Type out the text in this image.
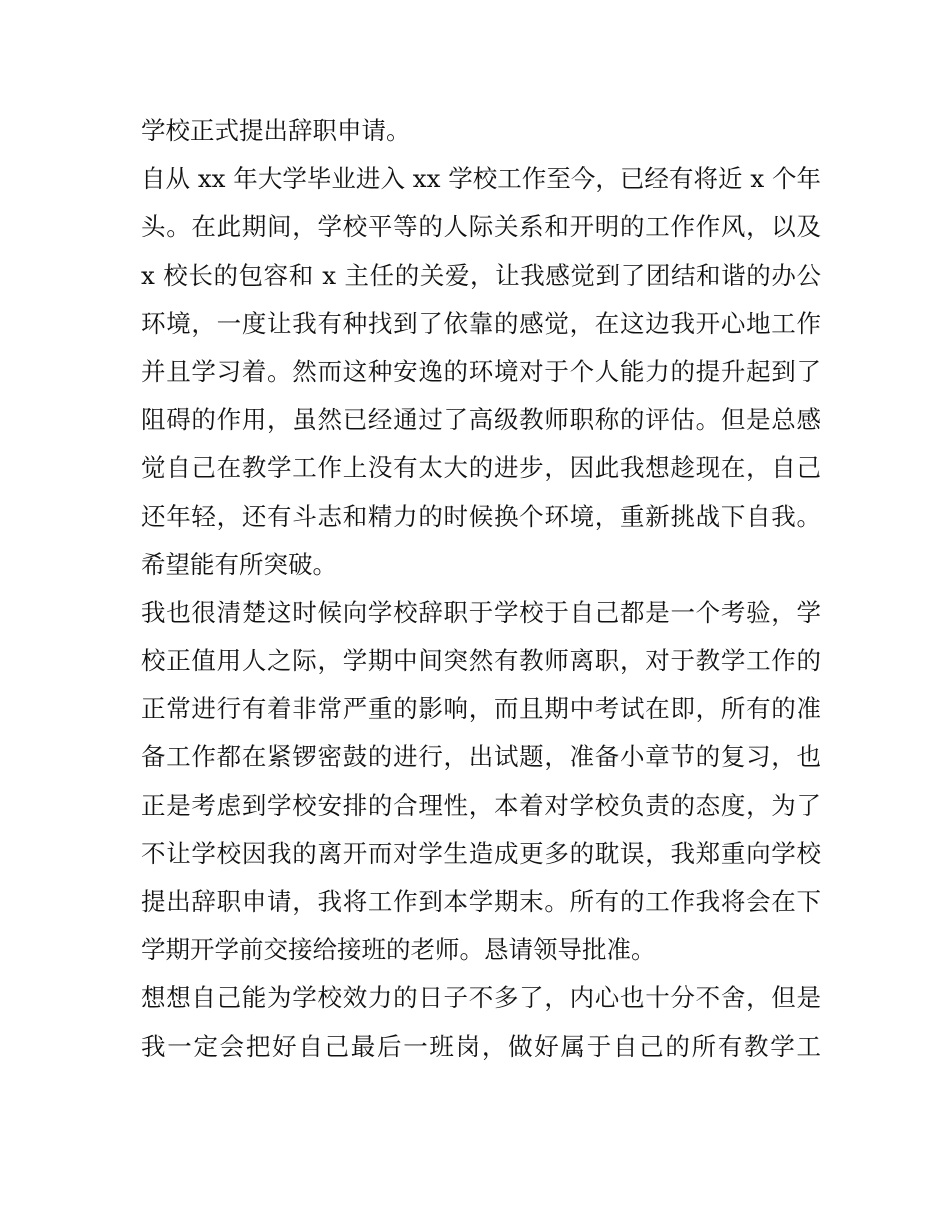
学校正式提出辞职申请。
自从 xx 年大学毕业进入 xx 学校工作至今，已经有将近 x 个年
头。在此期间，学校平等的人际关系和开明的工作作风，以及
x 校长的包容和 x 主任的关爱，让我感觉到了团结和谐的办公
环境，一度让我有种找到了依靠的感觉，在这边我开心地工作
并且学习着。然而这种安逸的环境对于个人能力的提升起到了
阻碍的作用，虽然已经通过了高级教师职称的评估。但是总感
觉自己在教学工作上没有太大的进步，因此我想趁现在，自己
还年轻，还有斗志和精力的时候换个环境，重新挑战下自我。
希望能有所突破。
我也很清楚这时候向学校辞职于学校于自己都是一个考验，学
校正值用人之际，学期中间突然有教师离职，对于教学工作的
正常进行有着非常严重的影响，而且期中考试在即，所有的准
备工作都在紧锣密鼓的进行，出试题，准备小章节的复习，也
正是考虑到学校安排的合理性，本着对学校负责的态度，为了
不让学校因我的离开而对学生造成更多的耽误，我郑重向学校
提出辞职申请，我将工作到本学期末。所有的工作我将会在下
学期开学前交接给接班的老师。恳请领导批准。
想想自己能为学校效力的日子不多了，内心也十分不舍，但是
我一定会把好自己最后一班岗，做好属于自己的所有教学工
